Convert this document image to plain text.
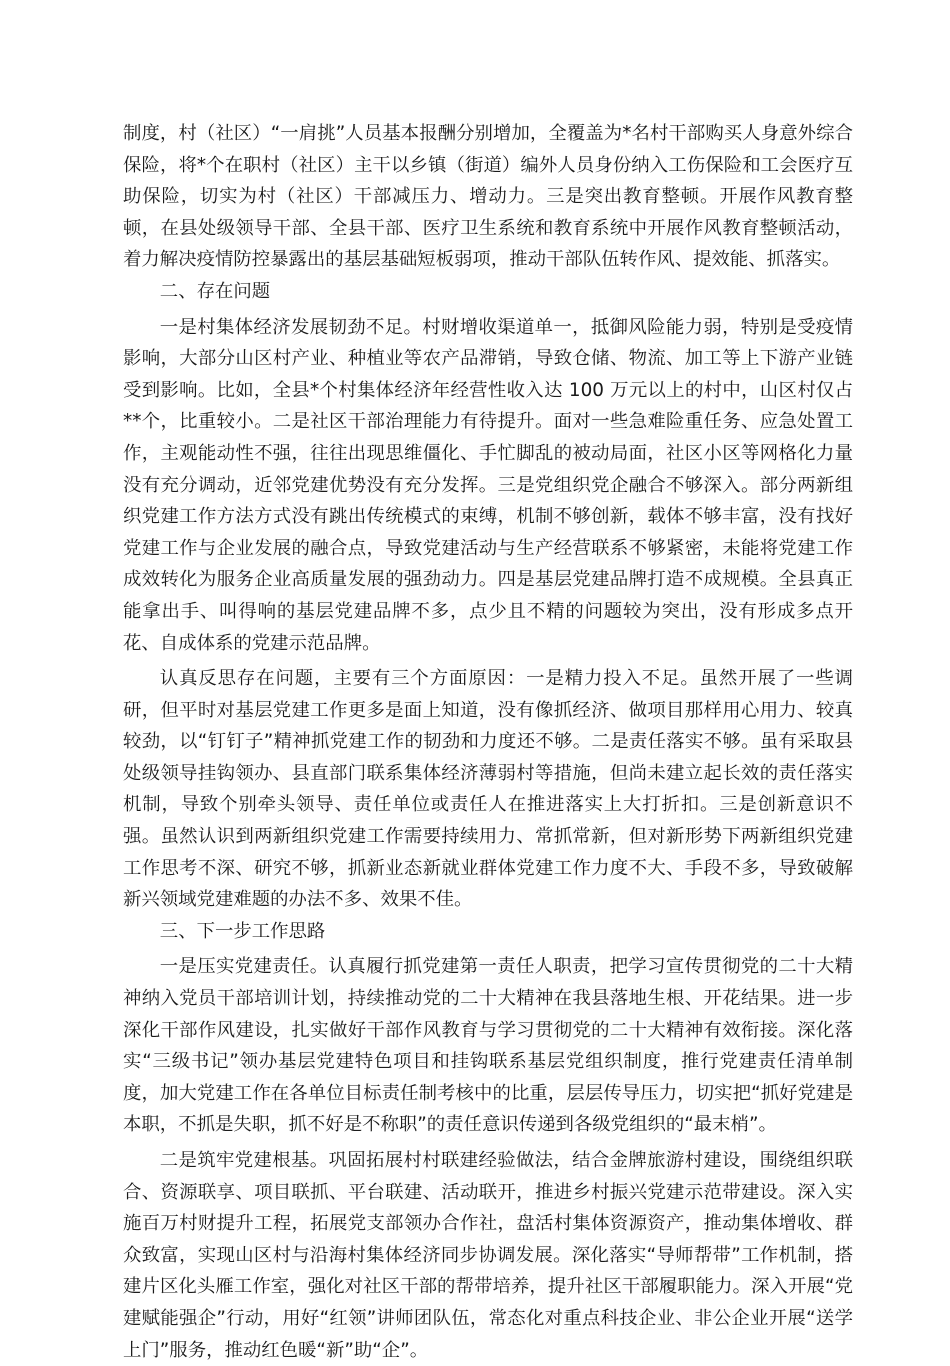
制度，村（社区）“一肩挑”人员基本报酬分别增加，全覆盖为*名村干部购买人身意外综合保险，将*个在职村（社区）主干以乡镇（街道）编外人员身份纳入工伤保险和工会医疗互助保险，切实为村（社区）干部减压力、增动力。三是突出教育整顿。开展作风教育整顿，在县处级领导干部、全县干部、医疗卫生系统和教育系统中开展作风教育整顿活动，着力解决疫情防控暴露出的基层基础短板弱项，推动干部队伍转作风、提效能、抓落实。

二、存在问题

一是村集体经济发展韧劲不足。村财增收渠道单一，抵御风险能力弱，特别是受疫情影响，大部分山区村产业、种植业等农产品滞销，导致仓储、物流、加工等上下游产业链受到影响。比如，全县*个村集体经济年经营性收入达 100 万元以上的村中，山区村仅占**个，比重较小。二是社区干部治理能力有待提升。面对一些急难险重任务、应急处置工作，主观能动性不强，往往出现思维僵化、手忙脚乱的被动局面，社区小区等网格化力量没有充分调动，近邻党建优势没有充分发挥。三是党组织党企融合不够深入。部分两新组织党建工作方法方式没有跳出传统模式的束缚，机制不够创新，载体不够丰富，没有找好党建工作与企业发展的融合点，导致党建活动与生产经营联系不够紧密，未能将党建工作成效转化为服务企业高质量发展的强劲动力。四是基层党建品牌打造不成规模。全县真正能拿出手、叫得响的基层党建品牌不多，点少且不精的问题较为突出，没有形成多点开花、自成体系的党建示范品牌。

认真反思存在问题，主要有三个方面原因：一是精力投入不足。虽然开展了一些调研，但平时对基层党建工作更多是面上知道，没有像抓经济、做项目那样用心用力、较真较劲，以“钉钉子”精神抓党建工作的韧劲和力度还不够。二是责任落实不够。虽有采取县处级领导挂钩领办、县直部门联系集体经济薄弱村等措施，但尚未建立起长效的责任落实机制，导致个别牵头领导、责任单位或责任人在推进落实上大打折扣。三是创新意识不强。虽然认识到两新组织党建工作需要持续用力、常抓常新，但对新形势下两新组织党建工作思考不深、研究不够，抓新业态新就业群体党建工作力度不大、手段不多，导致破解新兴领域党建难题的办法不多、效果不佳。

三、下一步工作思路

一是压实党建责任。认真履行抓党建第一责任人职责，把学习宣传贯彻党的二十大精神纳入党员干部培训计划，持续推动党的二十大精神在我县落地生根、开花结果。进一步深化干部作风建设，扎实做好干部作风教育与学习贯彻党的二十大精神有效衔接。深化落实“三级书记”领办基层党建特色项目和挂钩联系基层党组织制度，推行党建责任清单制度，加大党建工作在各单位目标责任制考核中的比重，层层传导压力，切实把“抓好党建是本职，不抓是失职，抓不好是不称职”的责任意识传递到各级党组织的“最末梢”。

二是筑牢党建根基。巩固拓展村村联建经验做法，结合金牌旅游村建设，围绕组织联合、资源联享、项目联抓、平台联建、活动联开，推进乡村振兴党建示范带建设。深入实施百万村财提升工程，拓展党支部领办合作社，盘活村集体资源资产，推动集体增收、群众致富，实现山区村与沿海村集体经济同步协调发展。深化落实“导师帮带”工作机制，搭建片区化头雁工作室，强化对社区干部的帮带培养，提升社区干部履职能力。深入开展“党建赋能强企”行动，用好“红领”讲师团队伍，常态化对重点科技企业、非公企业开展“送学上门”服务，推动红色暖“新”助“企”。
